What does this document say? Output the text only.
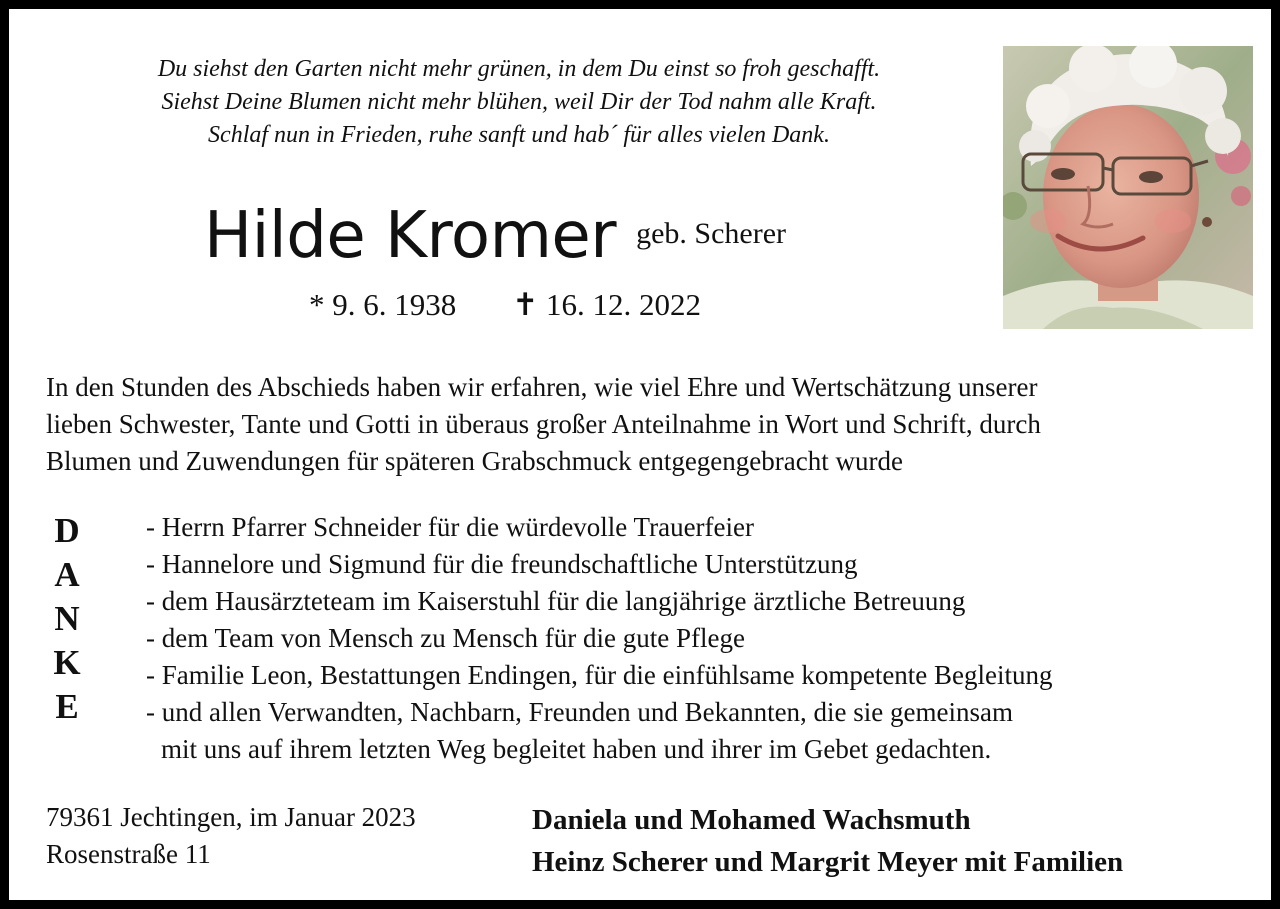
Du siehst den Garten nicht mehr grünen, in dem Du einst so froh geschafft.
Siehst Deine Blumen nicht mehr blühen, weil Dir der Tod nahm alle Kraft.
Schlaf nun in Frieden, ruhe sanft und hab´ für alles vielen Dank.
Hilde Kromer geb. Scherer
* 9. 6. 1938 ✝ 16. 12. 2022
In den Stunden des Abschieds haben wir erfahren, wie viel Ehre und Wertschätzung unserer
lieben Schwester, Tante und Gotti in überaus großer Anteilnahme in Wort und Schrift, durch
Blumen und Zuwendungen für späteren Grabschmuck entgegengebracht wurde
D
A
N
K
E
- Herrn Pfarrer Schneider für die würdevolle Trauerfeier
- Hannelore und Sigmund für die freundschaftliche Unterstützung
- dem Hausärzteteam im Kaiserstuhl für die langjährige ärztliche Betreuung
- dem Team von Mensch zu Mensch für die gute Pflege
- Familie Leon, Bestattungen Endingen, für die einfühlsame kompetente Begleitung
- und allen Verwandten, Nachbarn, Freunden und Bekannten, die sie gemeinsam
mit uns auf ihrem letzten Weg begleitet haben und ihrer im Gebet gedachten.
79361 Jechtingen, im Januar 2023
Rosenstraße 11
Daniela und Mohamed Wachsmuth
Heinz Scherer und Margrit Meyer mit Familien
